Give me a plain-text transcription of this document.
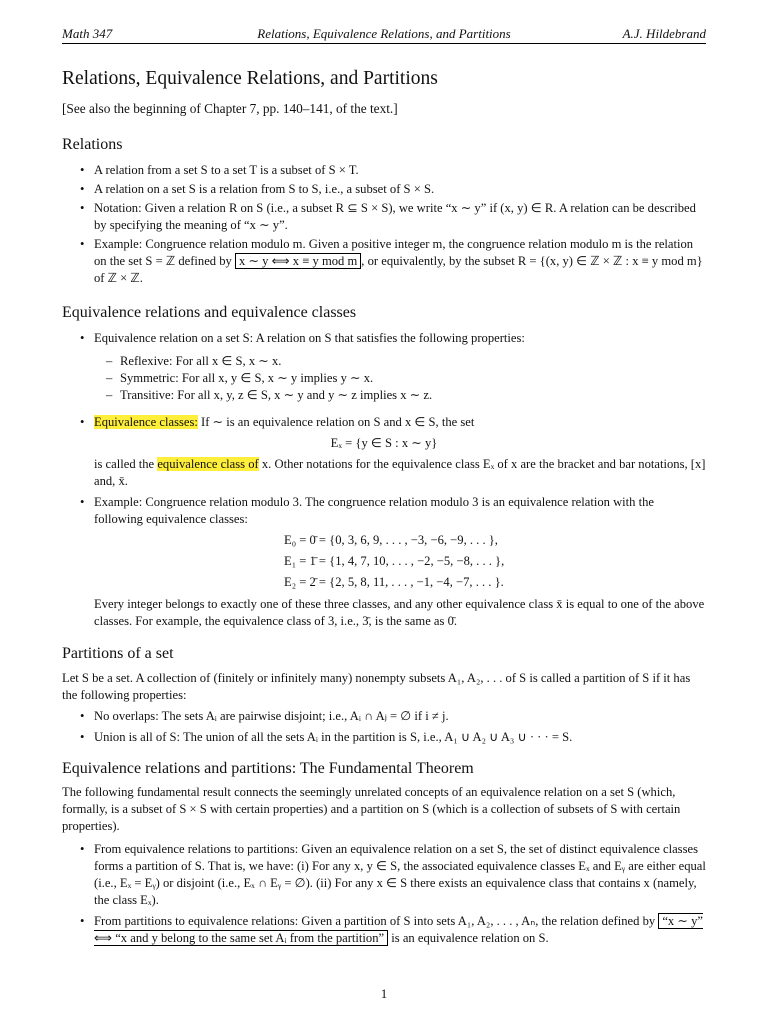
Math 347	Relations, Equivalence Relations, and Partitions	A.J. Hildebrand
Relations, Equivalence Relations, and Partitions
[See also the beginning of Chapter 7, pp. 140–141, of the text.]
Relations
• A relation from a set S to a set T is a subset of S × T.
• A relation on a set S is a relation from S to S, i.e., a subset of S × S.
• Notation: Given a relation R on S (i.e., a subset R ⊆ S × S), we write “x ∼ y” if (x, y) ∈ R. A relation can be described by specifying the meaning of “x ∼ y”.
• Example: Congruence relation modulo m. Given a positive integer m, the congruence relation modulo m is the relation on the set S = ℤ defined by x ∼ y ⟺ x ≡ y mod m , or equivalently, by the subset R = {(x, y) ∈ ℤ × ℤ : x ≡ y mod m} of ℤ × ℤ.
Equivalence relations and equivalence classes
• Equivalence relation on a set S: A relation on S that satisfies the following properties:
– Reflexive: For all x ∈ S, x ∼ x.
– Symmetric: For all x, y ∈ S, x ∼ y implies y ∼ x.
– Transitive: For all x, y, z ∈ S, x ∼ y and y ∼ z implies x ∼ z.
• Equivalence classes: If ∼ is an equivalence relation on S and x ∈ S, the set
Eₓ = {y ∈ S : x ∼ y}
is called the equivalence class of x. Other notations for the equivalence class Eₓ of x are the bracket and bar notations, [x] and, x̄.
• Example: Congruence relation modulo 3. The congruence relation modulo 3 is an equivalence relation with the following equivalence classes:
E₀ = 0̄ = {0, 3, 6, 9, . . . , −3, −6, −9, . . . },
E₁ = 1̄ = {1, 4, 7, 10, . . . , −2, −5, −8, . . . },
E₂ = 2̄ = {2, 5, 8, 11, . . . , −1, −4, −7, . . . }.
Every integer belongs to exactly one of these three classes, and any other equivalence class x̄ is equal to one of the above classes. For example, the equivalence class of 3, i.e., 3̄, is the same as 0̄.
Partitions of a set
Let S be a set. A collection of (finitely or infinitely many) nonempty subsets A₁, A₂, . . . of S is called a partition of S if it has the following properties:
• No overlaps: The sets Aᵢ are pairwise disjoint; i.e., Aᵢ ∩ Aⱼ = ∅ if i ≠ j.
• Union is all of S: The union of all the sets Aᵢ in the partition is S, i.e., A₁ ∪ A₂ ∪ A₃ ∪ · · · = S.
Equivalence relations and partitions: The Fundamental Theorem
The following fundamental result connects the seemingly unrelated concepts of an equivalence relation on a set S (which, formally, is a subset of S × S with certain properties) and a partition on S (which is a collection of subsets of S with certain properties).
• From equivalence relations to partitions: Given an equivalence relation on a set S, the set of distinct equivalence classes forms a partition of S. That is, we have: (i) For any x, y ∈ S, the associated equivalence classes Eₓ and Eᵧ are either equal (i.e., Eₓ = Eᵧ) or disjoint (i.e., Eₓ ∩ Eᵧ = ∅). (ii) For any x ∈ S there exists an equivalence class that contains x (namely, the class Eₓ).
• From partitions to equivalence relations: Given a partition of S into sets A₁, A₂, . . . , Aₙ, the relation defined by “x ∼ y” ⟺ “x and y belong to the same set Aᵢ from the partition” is an equivalence relation on S.
1
